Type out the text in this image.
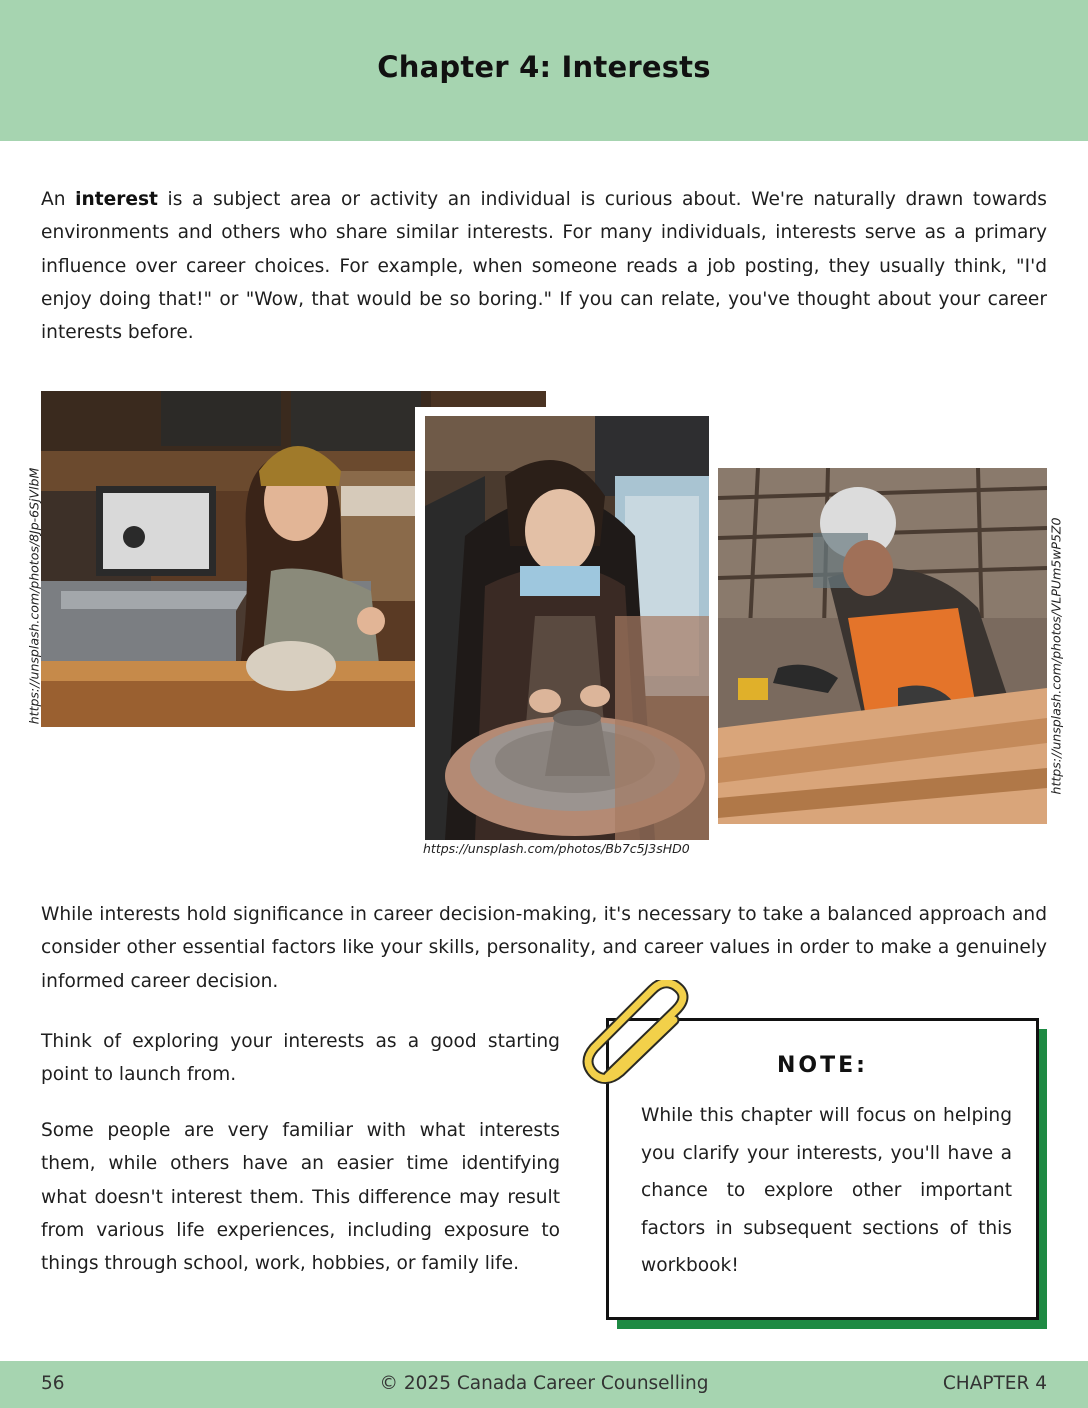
Chapter 4: Interests

An interest is a subject area or activity an individual is curious about. We're naturally drawn towards environments and others who share similar interests. For many individuals, interests serve as a primary influence over career choices. For example, when someone reads a job posting, they usually think, "I'd enjoy doing that!" or "Wow, that would be so boring." If you can relate, you've thought about your career interests before.

https://unsplash.com/photos/8Jp-6SjVlbM
https://unsplash.com/photos/Bb7c5J3sHD0
https://unsplash.com/photos/VLPUm5wP5Z0

While interests hold significance in career decision-making, it's necessary to take a balanced approach and consider other essential factors like your skills, personality, and career values in order to make a genuinely informed career decision.

Think of exploring your interests as a good starting point to launch from.

Some people are very familiar with what interests them, while others have an easier time identifying what doesn't interest them. This difference may result from various life experiences, including exposure to things through school, work, hobbies, or family life.

NOTE:

While this chapter will focus on helping you clarify your interests, you'll have a chance to explore other important factors in subsequent sections of this workbook!

56	© 2025 Canada Career Counselling	CHAPTER 4
